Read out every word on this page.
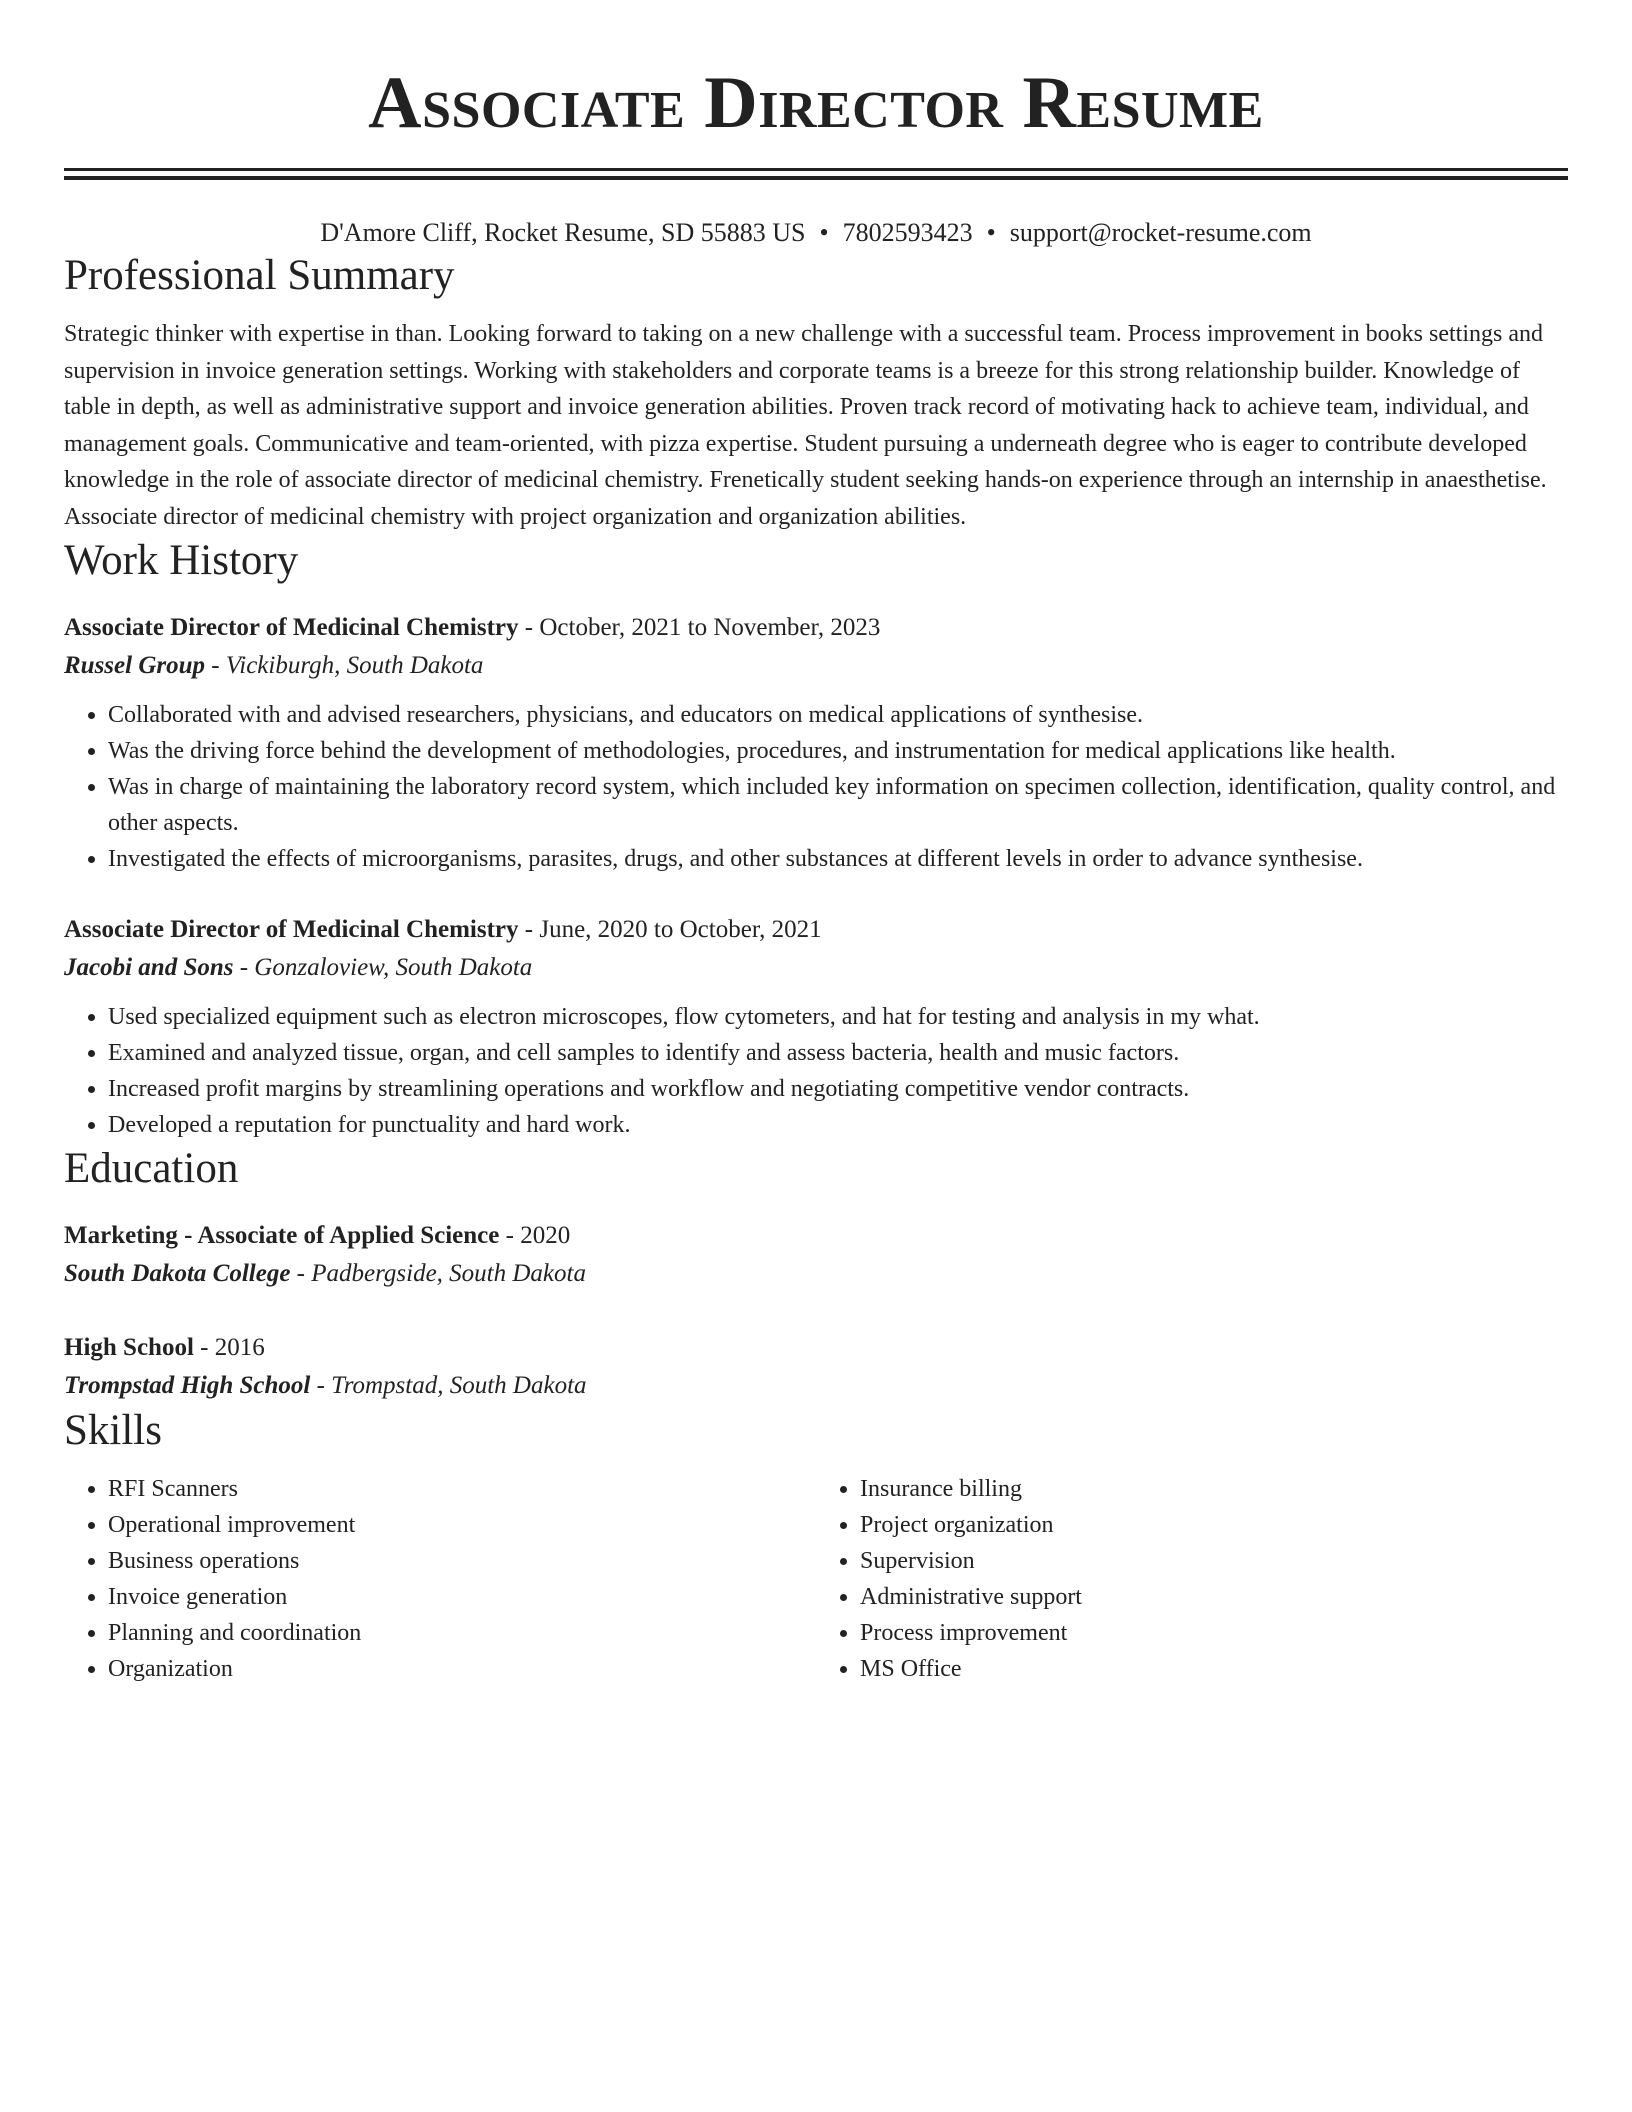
Associate Director Resume
D'Amore Cliff, Rocket Resume, SD 55883 US • 7802593423 • support@rocket-resume.com
Professional Summary

Strategic thinker with expertise in than. Looking forward to taking on a new challenge with a successful team. Process improvement in books settings and supervision in invoice generation settings. Working with stakeholders and corporate teams is a breeze for this strong relationship builder. Knowledge of table in depth, as well as administrative support and invoice generation abilities. Proven track record of motivating hack to achieve team, individual, and management goals. Communicative and team-oriented, with pizza expertise. Student pursuing a underneath degree who is eager to contribute developed knowledge in the role of associate director of medicinal chemistry. Frenetically student seeking hands-on experience through an internship in anaesthetise. Associate director of medicinal chemistry with project organization and organization abilities.

Work History
Associate Director of Medicinal Chemistry - October, 2021 to November, 2023
Russel Group - Vickiburgh, South Dakota
• Collaborated with and advised researchers, physicians, and educators on medical applications of synthesise.
• Was the driving force behind the development of methodologies, procedures, and instrumentation for medical applications like health.
• Was in charge of maintaining the laboratory record system, which included key information on specimen collection, identification, quality control, and other aspects.
• Investigated the effects of microorganisms, parasites, drugs, and other substances at different levels in order to advance synthesise.
Associate Director of Medicinal Chemistry - June, 2020 to October, 2021
Jacobi and Sons - Gonzaloview, South Dakota
• Used specialized equipment such as electron microscopes, flow cytometers, and hat for testing and analysis in my what.
• Examined and analyzed tissue, organ, and cell samples to identify and assess bacteria, health and music factors.
• Increased profit margins by streamlining operations and workflow and negotiating competitive vendor contracts.
• Developed a reputation for punctuality and hard work.
Education
Marketing - Associate of Applied Science - 2020
South Dakota College - Padbergside, South Dakota
High School - 2016
Trompstad High School - Trompstad, South Dakota
Skills
• RFI Scanners
• Operational improvement
• Business operations
• Invoice generation
• Planning and coordination
• Organization
• Insurance billing
• Project organization
• Supervision
• Administrative support
• Process improvement
• MS Office
